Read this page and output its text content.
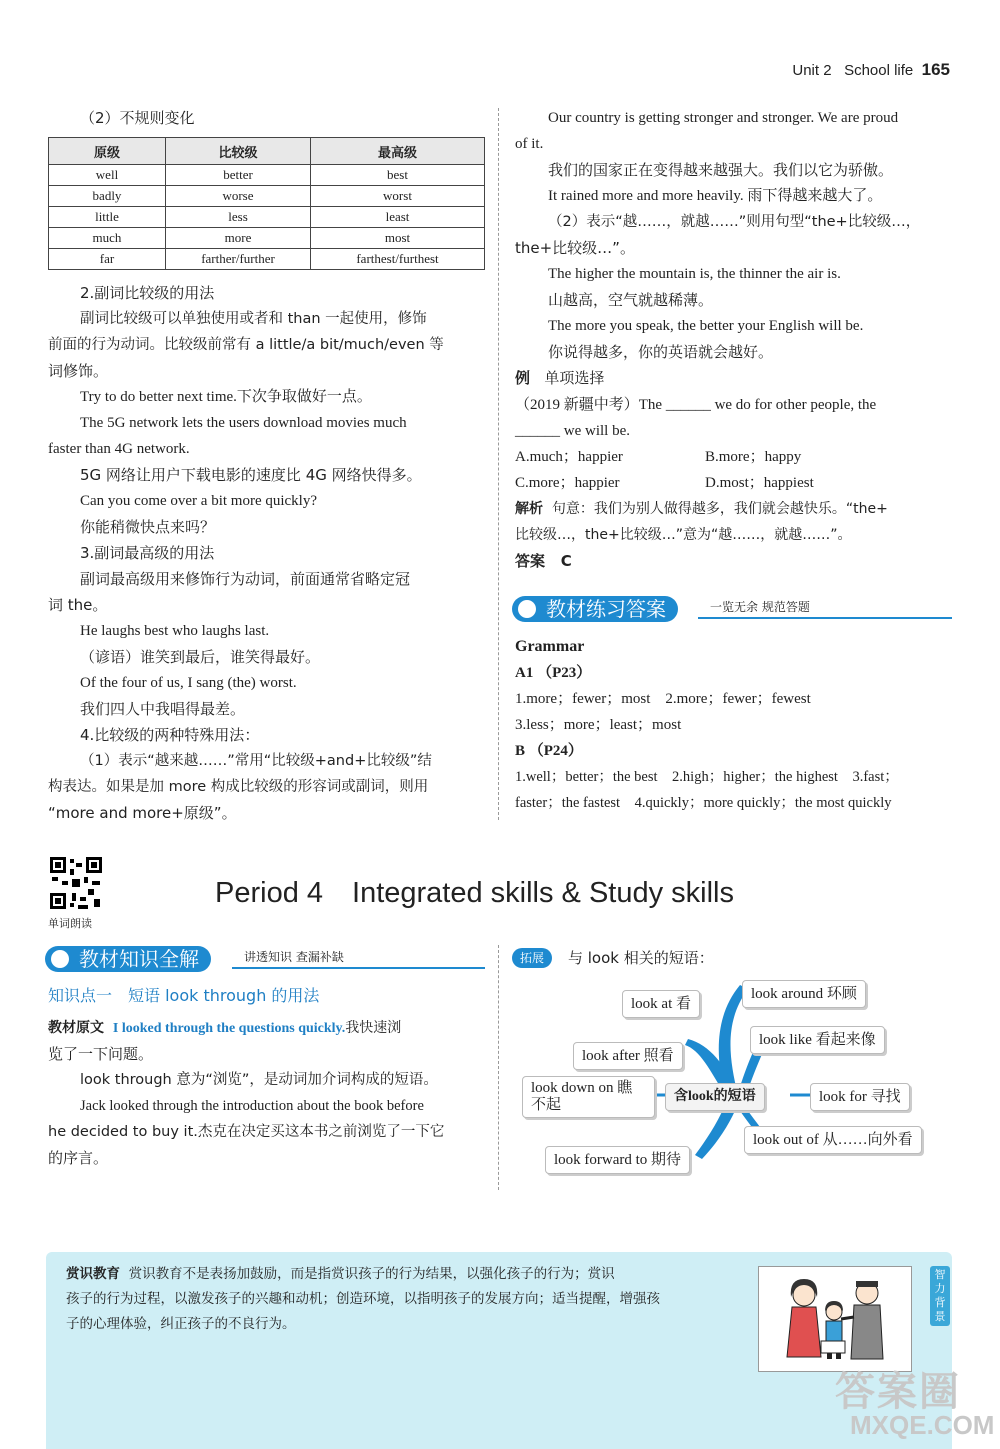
Unit 2 School life 165
（2）不规则变化
原级	比较级	最高级
well	better	best
badly	worse	worst
little	less	least
much	more	most
far	farther/further	farthest/furthest
2.副词比较级的用法
副词比较级可以单独使用或者和 than 一起使用，修饰
前面的行为动词。比较级前常有 a little/a bit/much/even 等
词修饰。
Try to do better next time.下次争取做好一点。
The 5G network lets the users download movies much
faster than 4G network.
5G 网络让用户下载电影的速度比 4G 网络快得多。
Can you come over a bit more quickly?
你能稍微快点来吗？
3.副词最高级的用法
副词最高级用来修饰行为动词，前面通常省略定冠
词 the。
He laughs best who laughs last.
（谚语）谁笑到最后，谁笑得最好。
Of the four of us, I sang (the) worst.
我们四人中我唱得最差。
4.比较级的两种特殊用法：
（1）表示“越来越……”常用“比较级+and+比较级”结
构表达。如果是加 more 构成比较级的形容词或副词，则用
“more and more+原级”。
Our country is getting stronger and stronger. We are proud
of it.
我们的国家正在变得越来越强大。我们以它为骄傲。
It rained more and more heavily. 雨下得越来越大了。
（2）表示“越……，就越……”则用句型“the+比较级…，
the+比较级…”。
The higher the mountain is, the thinner the air is.
山越高，空气就越稀薄。
The more you speak, the better your English will be.
你说得越多，你的英语就会越好。
例 单项选择
（2019 新疆中考）The ______ we do for other people, the
______ we will be.
A.much；happier	B.more；happy
C.more；happier	D.most；happiest
解析 句意：我们为别人做得越多，我们就会越快乐。“the+
比较级…，the+比较级…”意为“越……，就越……”。
答案 C
教材练习答案	一览无余 规范答题
Grammar
A1 （P23）
1.more；fewer；most　2.more；fewer；fewest
3.less；more；least；most
B （P24）
1.well；better；the best　2.high；higher；the highest　3.fast；
faster；the fastest　4.quickly；more quickly；the most quickly
单词朗读
Period 4　Integrated skills & Study skills
教材知识全解	讲透知识 查漏补缺
知识点一　短语 look through 的用法
教材原文 I looked through the questions quickly.我快速浏
览了一下问题。
look through 意为“浏览”，是动词加介词构成的短语。
Jack looked through the introduction about the book before
he decided to buy it.杰克在决定买这本书之前浏览了一下它
的序言。
拓展	与 look 相关的短语：
含look的短语
look at 看
look after 照看
look down on 瞧不起
look forward to 期待
look around 环顾
look like 看起来像
look for 寻找
look out of 从……向外看
赏识教育 赏识教育不是表扬加鼓励，而是指赏识孩子的行为结果，以强化孩子的行为；赏识
孩子的行为过程，以激发孩子的兴趣和动机；创造环境，以指明孩子的发展方向；适当提醒，增强孩
子的心理体验，纠正孩子的不良行为。
智力背景
答案圈
MXQE.COM
